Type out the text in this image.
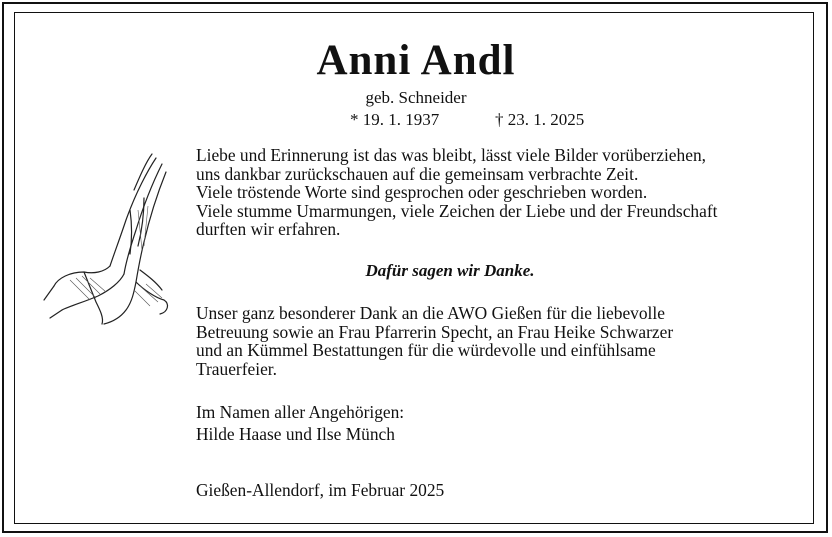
Anni Andl
geb. Schneider
* 19. 1. 1937	† 23. 1. 2025
Liebe und Erinnerung ist das was bleibt, lässt viele Bilder vorüberziehen,
uns dankbar zurückschauen auf die gemeinsam verbrachte Zeit.
Viele tröstende Worte sind gesprochen oder geschrieben worden.
Viele stumme Umarmungen, viele Zeichen der Liebe und der Freundschaft
durften wir erfahren.
Dafür sagen wir Danke.
Unser ganz besonderer Dank an die AWO Gießen für die liebevolle
Betreuung sowie an Frau Pfarrerin Specht, an Frau Heike Schwarzer
und an Kümmel Bestattungen für die würdevolle und einfühlsame
Trauerfeier.
Im Namen aller Angehörigen:
Hilde Haase und Ilse Münch
Gießen-Allendorf, im Februar 2025
